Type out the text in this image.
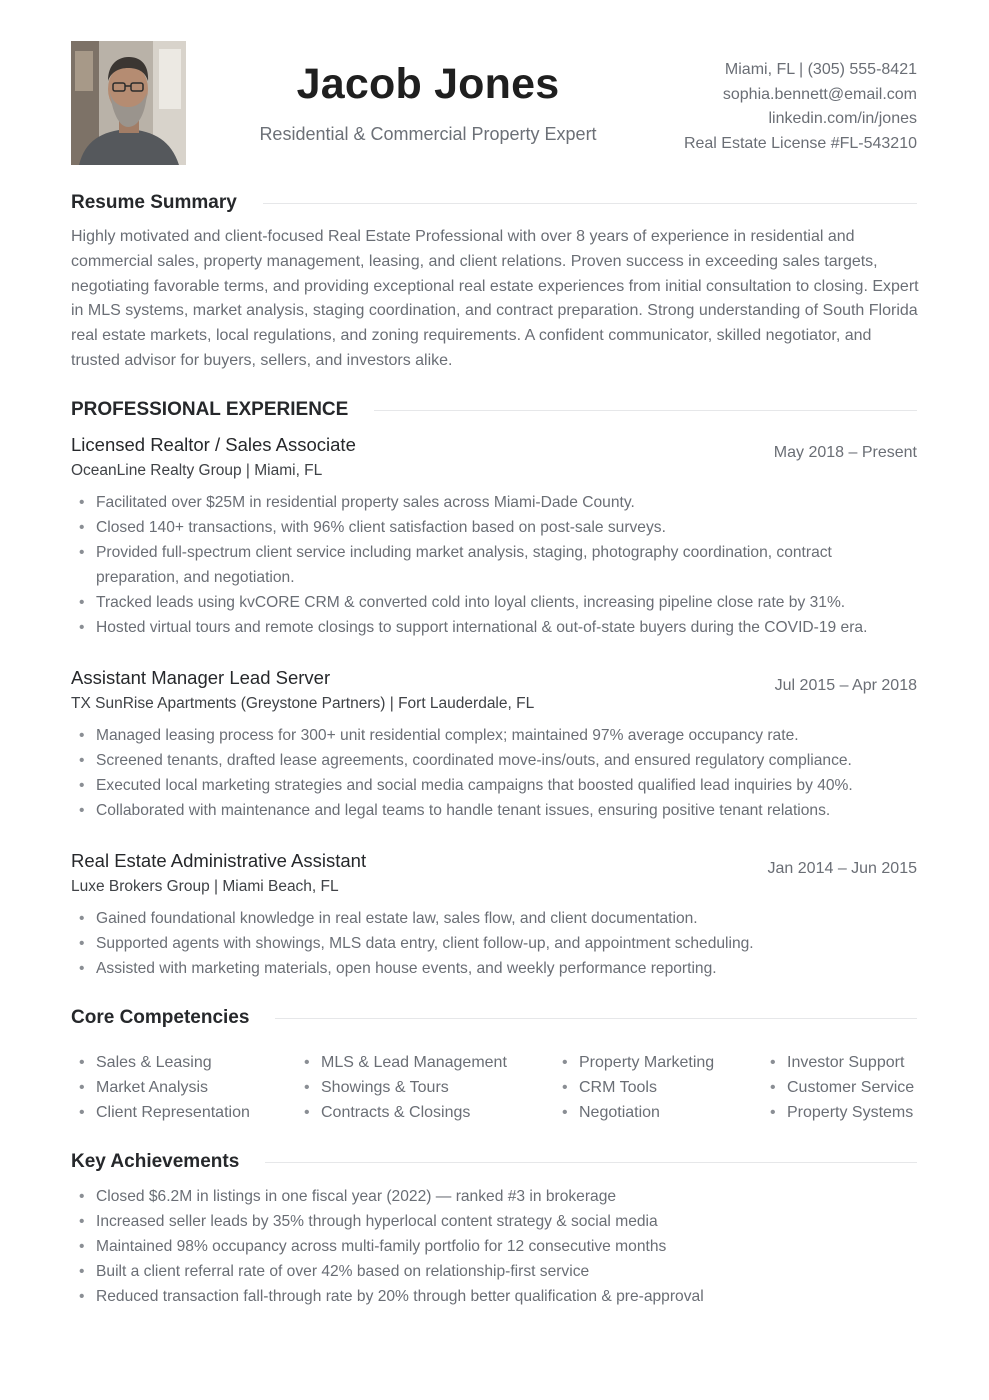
Jacob Jones
Residential & Commercial Property Expert
Miami, FL | (305) 555-8421
sophia.bennett@email.com
linkedin.com/in/jones
Real Estate License #FL-543210
Resume Summary

Highly motivated and client-focused Real Estate Professional with over 8 years of experience in residential and commercial sales, property management, leasing, and client relations. Proven success in exceeding sales targets, negotiating favorable terms, and providing exceptional real estate experiences from initial consultation to closing. Expert in MLS systems, market analysis, staging coordination, and contract preparation. Strong understanding of South Florida real estate markets, local regulations, and zoning requirements. A confident communicator, skilled negotiator, and trusted advisor for buyers, sellers, and investors alike.

PROFESSIONAL EXPERIENCE
Licensed Realtor / Sales Associate
OceanLine Realty Group | Miami, FL
May 2018 – Present
• Facilitated over $25M in residential property sales across Miami-Dade County.
• Closed 140+ transactions, with 96% client satisfaction based on post-sale surveys.
• Provided full-spectrum client service including market analysis, staging, photography coordination, contract preparation, and negotiation.
• Tracked leads using kvCORE CRM & converted cold into loyal clients, increasing pipeline close rate by 31%.
• Hosted virtual tours and remote closings to support international & out-of-state buyers during the COVID-19 era.
Assistant Manager Lead Server
TX SunRise Apartments (Greystone Partners) | Fort Lauderdale, FL
Jul 2015 – Apr 2018
• Managed leasing process for 300+ unit residential complex; maintained 97% average occupancy rate.
• Screened tenants, drafted lease agreements, coordinated move-ins/outs, and ensured regulatory compliance.
• Executed local marketing strategies and social media campaigns that boosted qualified lead inquiries by 40%.
• Collaborated with maintenance and legal teams to handle tenant issues, ensuring positive tenant relations.
Real Estate Administrative Assistant
Luxe Brokers Group | Miami Beach, FL
Jan 2014 – Jun 2015
• Gained foundational knowledge in real estate law, sales flow, and client documentation.
• Supported agents with showings, MLS data entry, client follow-up, and appointment scheduling.
• Assisted with marketing materials, open house events, and weekly performance reporting.
Core Competencies
• Sales & Leasing
• Market Analysis
• Client Representation
• MLS & Lead Management
• Showings & Tours
• Contracts & Closings
• Property Marketing
• CRM Tools
• Negotiation
• Investor Support
• Customer Service
• Property Systems
Key Achievements
• Closed $6.2M in listings in one fiscal year (2022) — ranked #3 in brokerage
• Increased seller leads by 35% through hyperlocal content strategy & social media
• Maintained 98% occupancy across multi-family portfolio for 12 consecutive months
• Built a client referral rate of over 42% based on relationship-first service
• Reduced transaction fall-through rate by 20% through better qualification & pre-approval
